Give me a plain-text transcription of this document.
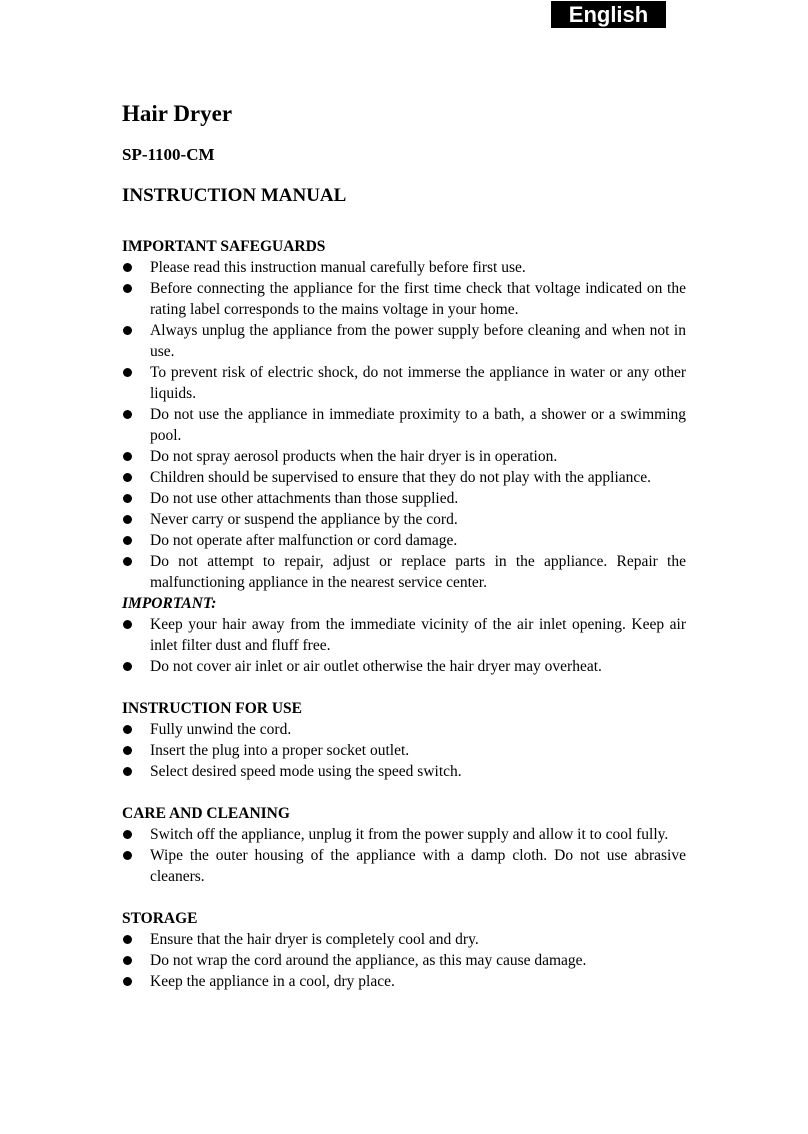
English
Hair Dryer
SP-1100-CM
INSTRUCTION MANUAL
IMPORTANT SAFEGUARDS
Please read this instruction manual carefully before first use.
Before connecting the appliance for the first time check that voltage indicated on the rating label corresponds to the mains voltage in your home.
Always unplug the appliance from the power supply before cleaning and when not in use.
To prevent risk of electric shock, do not immerse the appliance in water or any other liquids.
Do not use the appliance in immediate proximity to a bath, a shower or a swimming pool.
Do not spray aerosol products when the hair dryer is in operation.
Children should be supervised to ensure that they do not play with the appliance.
Do not use other attachments than those supplied.
Never carry or suspend the appliance by the cord.
Do not operate after malfunction or cord damage.
Do not attempt to repair, adjust or replace parts in the appliance. Repair the malfunctioning appliance in the nearest service center.
IMPORTANT:
Keep your hair away from the immediate vicinity of the air inlet opening. Keep air inlet filter dust and fluff free.
Do not cover air inlet or air outlet otherwise the hair dryer may overheat.
INSTRUCTION FOR USE
Fully unwind the cord.
Insert the plug into a proper socket outlet.
Select desired speed mode using the speed switch.
CARE AND CLEANING
Switch off the appliance, unplug it from the power supply and allow it to cool fully.
Wipe the outer housing of the appliance with a damp cloth. Do not use abrasive cleaners.
STORAGE
Ensure that the hair dryer is completely cool and dry.
Do not wrap the cord around the appliance, as this may cause damage.
Keep the appliance in a cool, dry place.
